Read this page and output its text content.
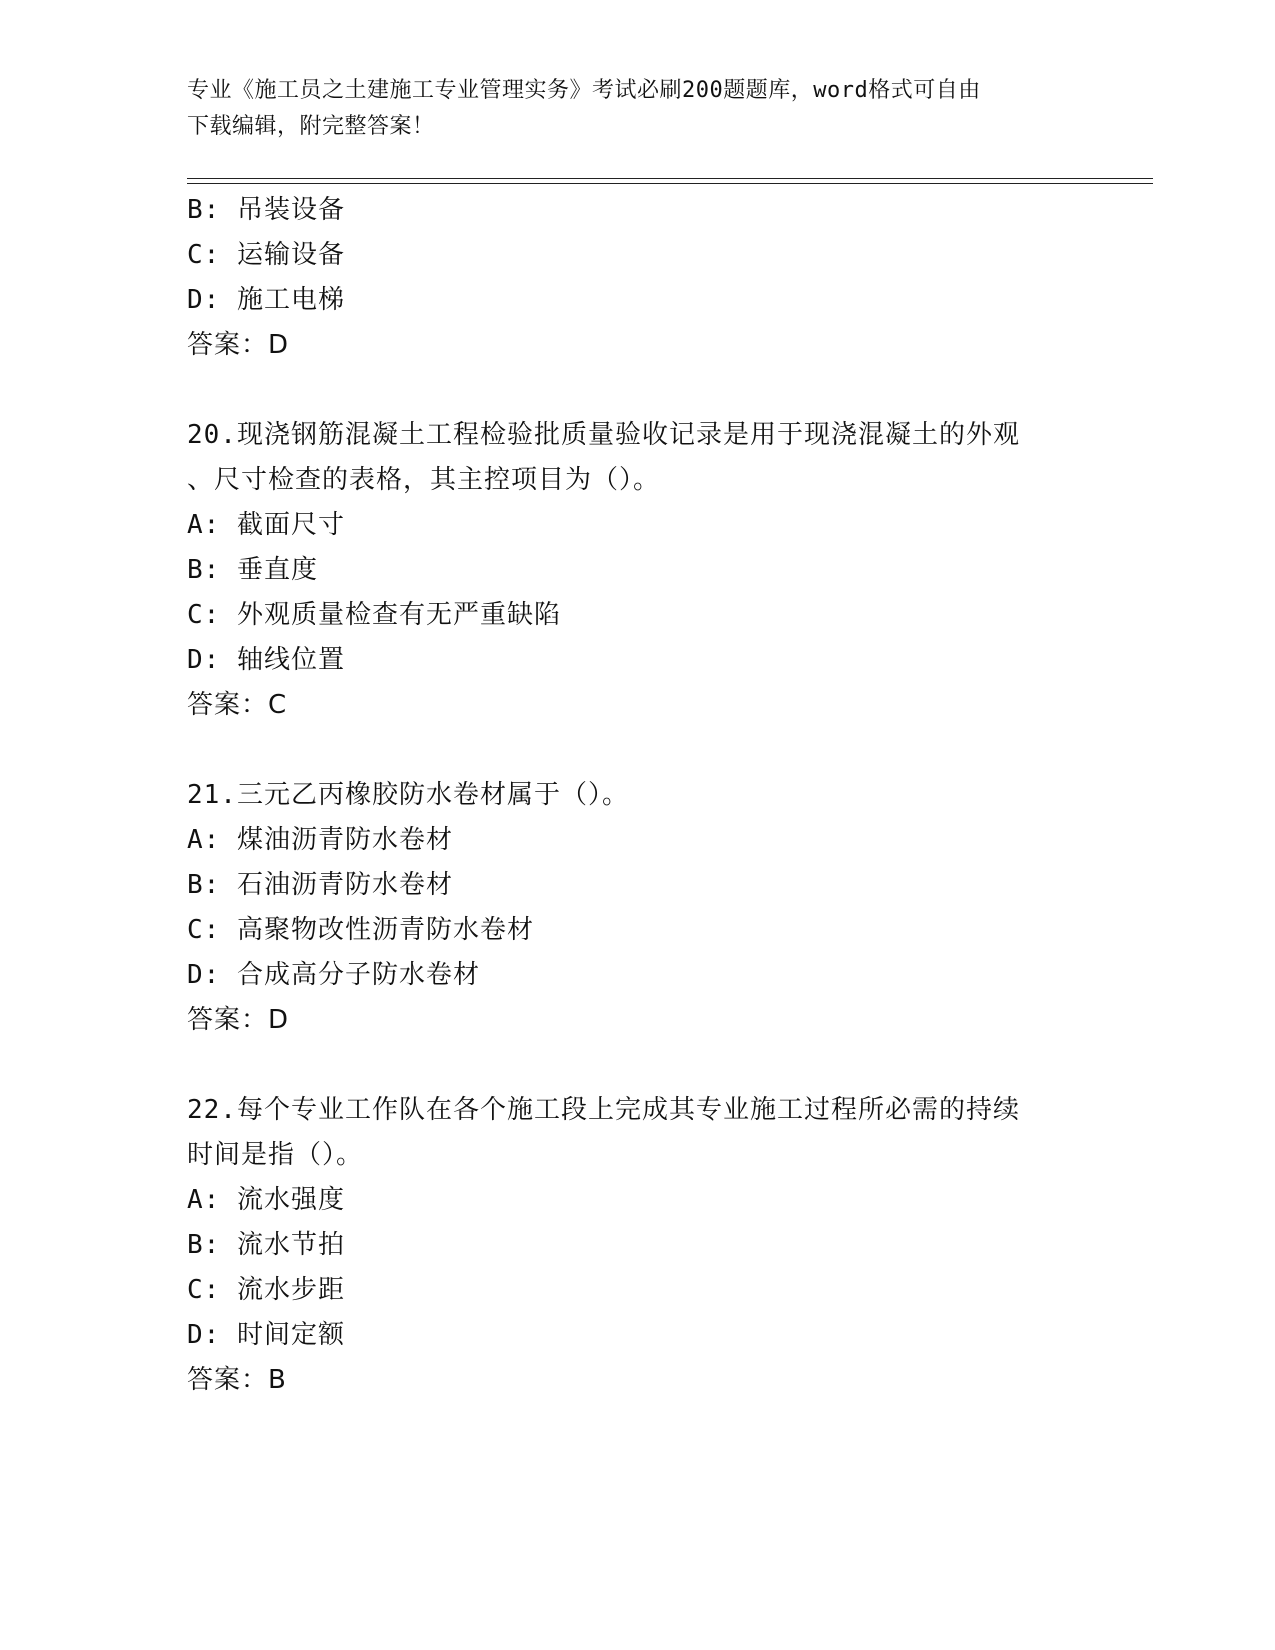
专业《施工员之土建施工专业管理实务》考试必刷200题题库，word格式可自由
下载编辑，附完整答案！
B: 吊装设备
C: 运输设备
D: 施工电梯
答案：D
20.现浇钢筋混凝土工程检验批质量验收记录是用于现浇混凝土的外观
、尺寸检查的表格，其主控项目为（）。
A: 截面尺寸
B: 垂直度
C: 外观质量检查有无严重缺陷
D: 轴线位置
答案：C
21.三元乙丙橡胶防水卷材属于（）。
A: 煤油沥青防水卷材
B: 石油沥青防水卷材
C: 高聚物改性沥青防水卷材
D: 合成高分子防水卷材
答案：D
22.每个专业工作队在各个施工段上完成其专业施工过程所必需的持续
时间是指（）。
A: 流水强度
B: 流水节拍
C: 流水步距
D: 时间定额
答案：B
